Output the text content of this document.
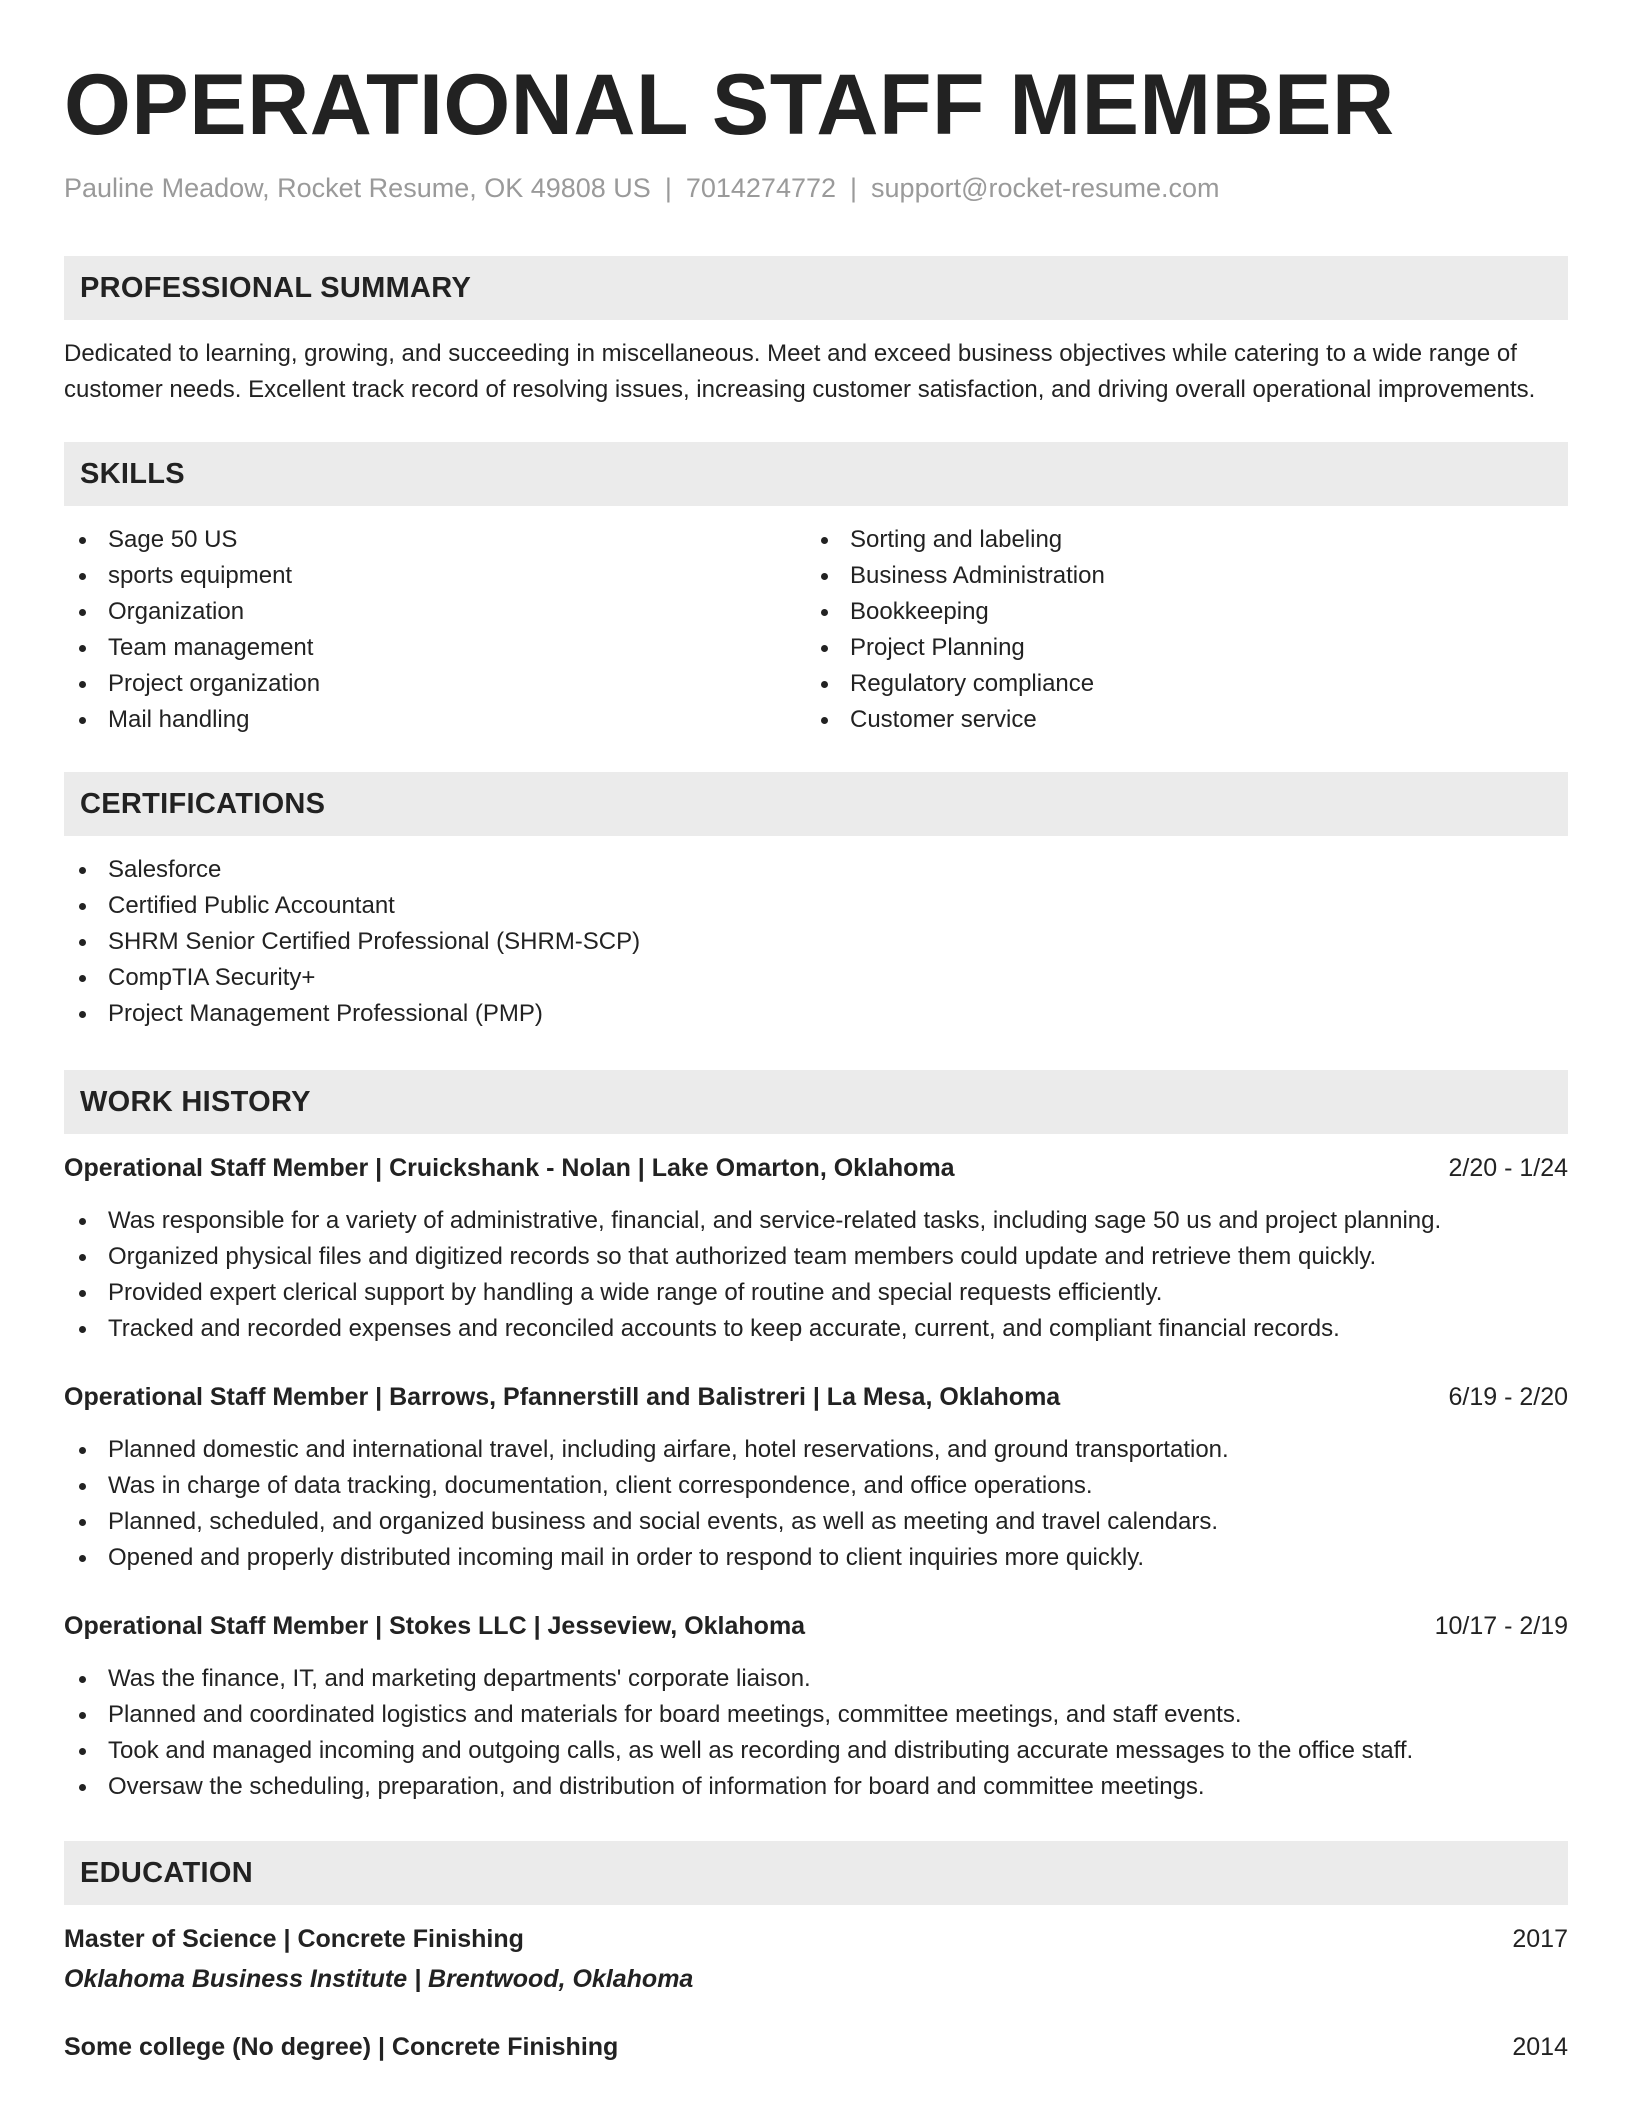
OPERATIONAL STAFF MEMBER
Pauline Meadow, Rocket Resume, OK 49808 US | 7014274772 | support@rocket-resume.com
PROFESSIONAL SUMMARY

Dedicated to learning, growing, and succeeding in miscellaneous. Meet and exceed business objectives while catering to a wide range of customer needs. Excellent track record of resolving issues, increasing customer satisfaction, and driving overall operational improvements.

SKILLS
Sage 50 US
sports equipment
Organization
Team management
Project organization
Mail handling
Sorting and labeling
Business Administration
Bookkeeping
Project Planning
Regulatory compliance
Customer service
CERTIFICATIONS
Salesforce
Certified Public Accountant
SHRM Senior Certified Professional (SHRM-SCP)
CompTIA Security+
Project Management Professional (PMP)
WORK HISTORY
Operational Staff Member | Cruickshank - Nolan | Lake Omarton, Oklahoma	2/20 - 1/24
Was responsible for a variety of administrative, financial, and service-related tasks, including sage 50 us and project planning.
Organized physical files and digitized records so that authorized team members could update and retrieve them quickly.
Provided expert clerical support by handling a wide range of routine and special requests efficiently.
Tracked and recorded expenses and reconciled accounts to keep accurate, current, and compliant financial records.
Operational Staff Member | Barrows, Pfannerstill and Balistreri | La Mesa, Oklahoma	6/19 - 2/20
Planned domestic and international travel, including airfare, hotel reservations, and ground transportation.
Was in charge of data tracking, documentation, client correspondence, and office operations.
Planned, scheduled, and organized business and social events, as well as meeting and travel calendars.
Opened and properly distributed incoming mail in order to respond to client inquiries more quickly.
Operational Staff Member | Stokes LLC | Jesseview, Oklahoma	10/17 - 2/19
Was the finance, IT, and marketing departments' corporate liaison.
Planned and coordinated logistics and materials for board meetings, committee meetings, and staff events.
Took and managed incoming and outgoing calls, as well as recording and distributing accurate messages to the office staff.
Oversaw the scheduling, preparation, and distribution of information for board and committee meetings.
EDUCATION
Master of Science | Concrete Finishing	2017
Oklahoma Business Institute | Brentwood, Oklahoma
Some college (No degree) | Concrete Finishing	2014
